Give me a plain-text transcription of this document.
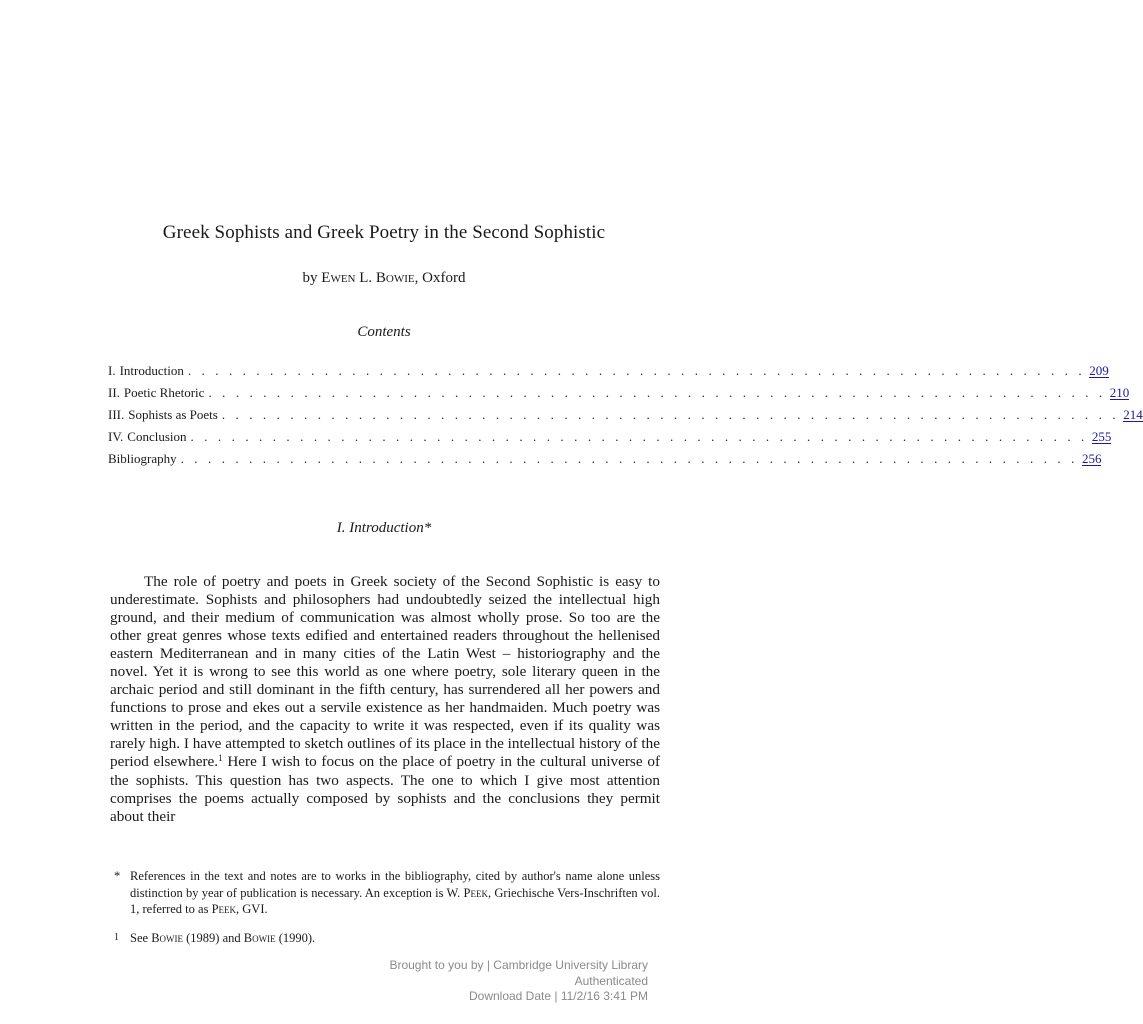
Greek Sophists and Greek Poetry in the Second Sophistic
by Ewen L. Bowie, Oxford
Contents
I. Introduction . . . . . . . . . . . . . . . . . . . . . . . . . . . . . . . . . . . . . . . . . . . . . . . . . . . . . . . . . . . . . . . . . . 209
II. Poetic Rhetoric . . . . . . . . . . . . . . . . . . . . . . . . . . . . . . . . . . . . . . . . . . . . . . . . . . . . . . . . . . . . . . . . . . 210
III. Sophists as Poets . . . . . . . . . . . . . . . . . . . . . . . . . . . . . . . . . . . . . . . . . . . . . . . . . . . . . . . . . . . . . . . . . . 214
IV. Conclusion . . . . . . . . . . . . . . . . . . . . . . . . . . . . . . . . . . . . . . . . . . . . . . . . . . . . . . . . . . . . . . . . . . 255
Bibliography . . . . . . . . . . . . . . . . . . . . . . . . . . . . . . . . . . . . . . . . . . . . . . . . . . . . . . . . . . . . . . . . . . 256
I. Introduction*

The role of poetry and poets in Greek society of the Second Sophistic is easy to underestimate. Sophists and philosophers had undoubtedly seized the intellectual high ground, and their medium of communication was almost wholly prose. So too are the other great genres whose texts edified and entertained readers throughout the hellenised eastern Mediterranean and in many cities of the Latin West – historiography and the novel. Yet it is wrong to see this world as one where poetry, sole literary queen in the archaic period and still dominant in the fifth century, has surrendered all her powers and functions to prose and ekes out a servile existence as her handmaiden. Much poetry was written in the period, and the capacity to write it was respected, even if its quality was rarely high. I have attempted to sketch outlines of its place in the intellectual history of the period elsewhere.$^1$ Here I wish to focus on the place of poetry in the cultural universe of the sophists. This question has two aspects. The one to which I give most attention comprises the poems actually composed by sophists and the conclusions they permit about their

* References in the text and notes are to works in the bibliography, cited by author's name alone unless distinction by year of publication is necessary. An exception is W. Peek, Griechische Vers-Inschriften vol. 1, referred to as Peek, GVI.

1 See Bowie (1989) and Bowie (1990).

Brought to you by | Cambridge University Library
Authenticated
Download Date | 11/2/16 3:41 PM
